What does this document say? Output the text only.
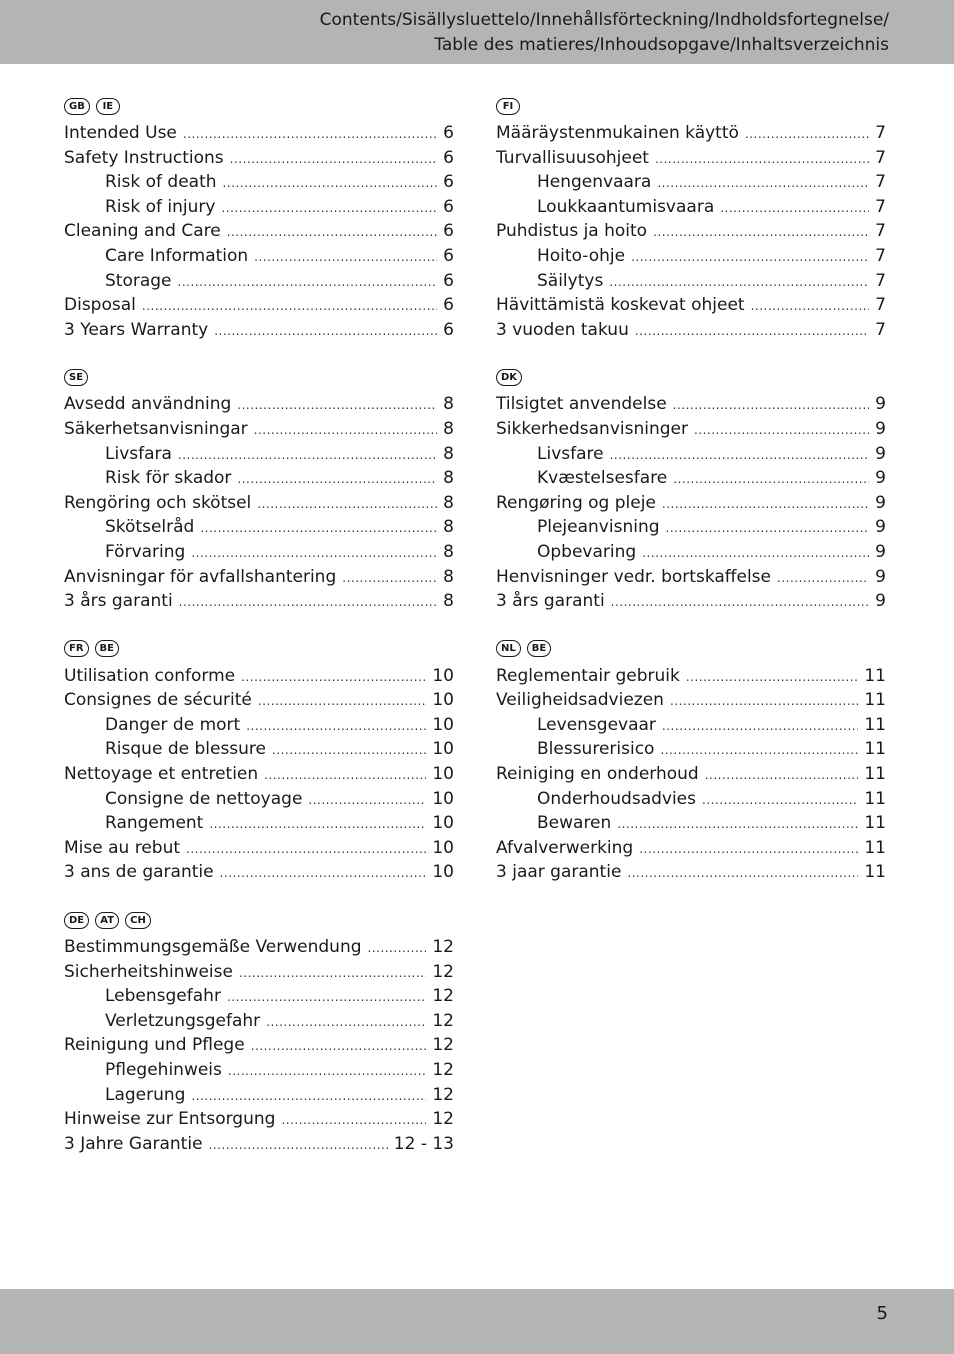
Contents/Sisällysluettelo/Innehållsförteckning/Indholdsfortegnelse/
Table des matieres/Inhoudsopgave/Inhaltsverzeichnis
GB	IE
Intended Use .....	6
Safety Instructions .....	6
Risk of death .....	6
Risk of injury .....	6
Cleaning and Care .....	6
Care Information .....	6
Storage .....	6
Disposal .....	6
3 Years Warranty .....	6
SE
Avsedd användning .....	8
Säkerhetsanvisningar .....	8
Livsfara .....	8
Risk för skador .....	8
Rengöring och skötsel .....	8
Skötselråd .....	8
Förvaring .....	8
Anvisningar för avfallshantering .....	8
3 års garanti .....	8
FR	BE
Utilisation conforme .....	10
Consignes de sécurité .....	10
Danger de mort .....	10
Risque de blessure .....	10
Nettoyage et entretien .....	10
Consigne de nettoyage .....	10
Rangement .....	10
Mise au rebut .....	10
3 ans de garantie .....	10
DE	AT	CH
Bestimmungsgemäße Verwendung .....	12
Sicherheitshinweise .....	12
Lebensgefahr .....	12
Verletzungsgefahr .....	12
Reinigung und Pflege .....	12
Pflegehinweis .....	12
Lagerung .....	12
Hinweise zur Entsorgung .....	12
3 Jahre Garantie .....	12 - 13
FI
Määräystenmukainen käyttö .....	7
Turvallisuusohjeet .....	7
Hengenvaara .....	7
Loukkaantumisvaara .....	7
Puhdistus ja hoito .....	7
Hoito-ohje .....	7
Säilytys .....	7
Hävittämistä koskevat ohjeet .....	7
3 vuoden takuu .....	7
DK
Tilsigtet anvendelse .....	9
Sikkerhedsanvisninger .....	9
Livsfare .....	9
Kvæstelsesfare .....	9
Rengøring og pleje .....	9
Plejeanvisning .....	9
Opbevaring .....	9
Henvisninger vedr. bortskaffelse .....	9
3 års garanti .....	9
NL	BE
Reglementair gebruik .....	11
Veiligheidsadviezen .....	11
Levensgevaar .....	11
Blessurerisico .....	11
Reiniging en onderhoud .....	11
Onderhoudsadvies .....	11
Bewaren .....	11
Afvalverwerking .....	11
3 jaar garantie .....	11
5
